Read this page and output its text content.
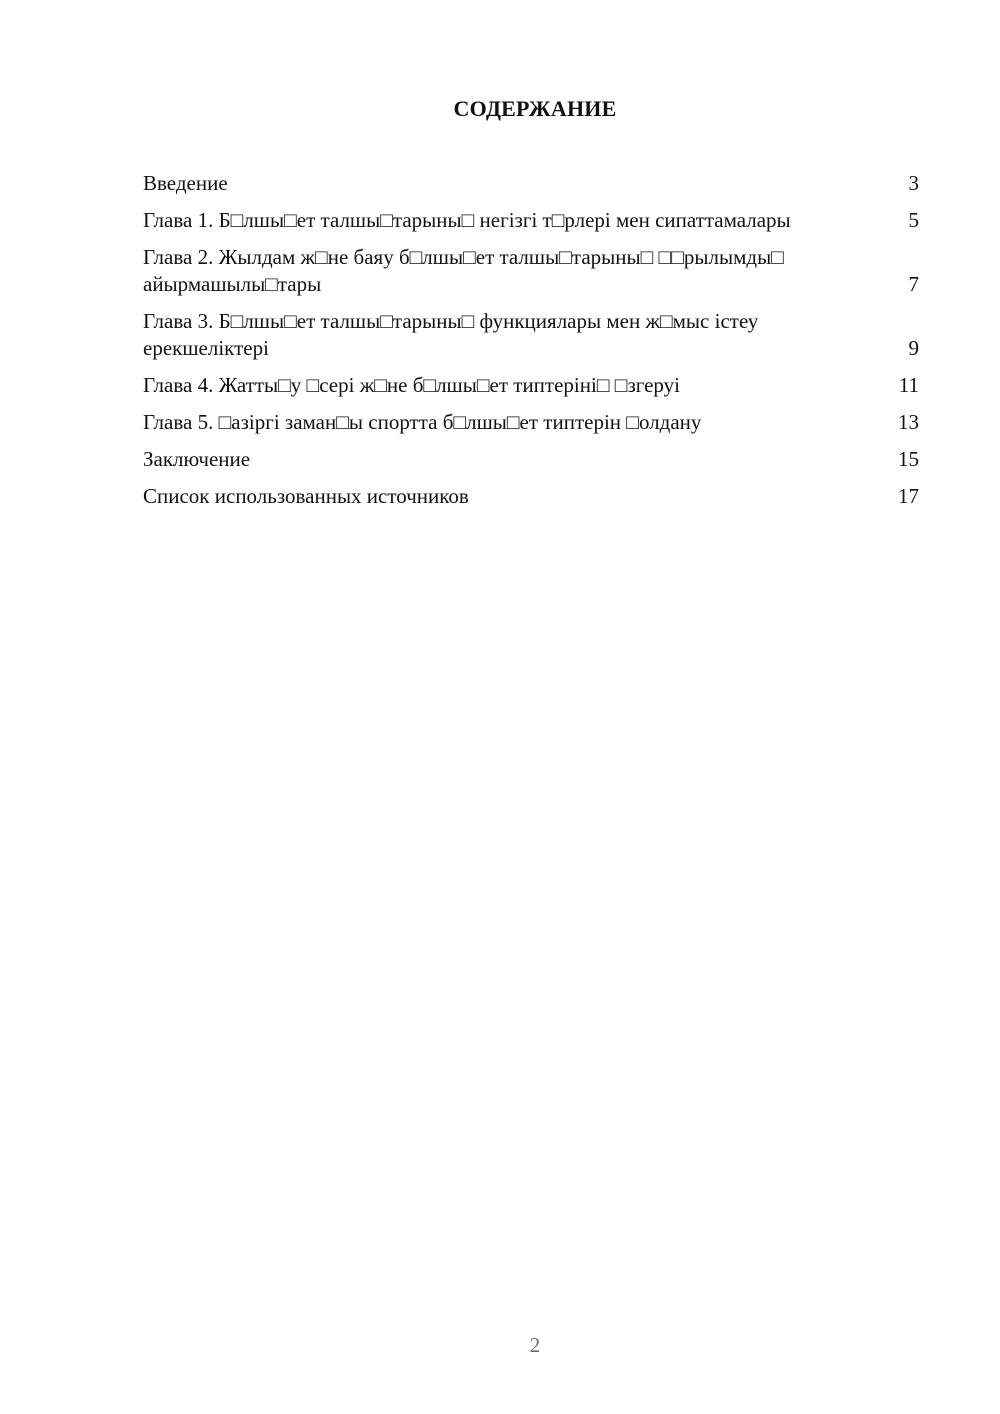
СОДЕРЖАНИЕ
Введение	3
Глава 1. Б□лшы□ет талшы□тарыны□ негізгі т□рлері мен сипаттамалары	5
Глава 2. Жылдам ж□не баяу б□лшы□ет талшы□тарыны□ □□рылымды□ айырмашылы□тары	7
Глава 3. Б□лшы□ет талшы□тарыны□ функциялары мен ж□мыс істеу ерекшеліктері	9
Глава 4. Жатты□у □сері ж□не б□лшы□ет типтеріні□ □згеруі	11
Глава 5. □азіргі заман□ы спортта б□лшы□ет типтерін □олдану	13
Заключение	15
Список использованных источников	17
2
